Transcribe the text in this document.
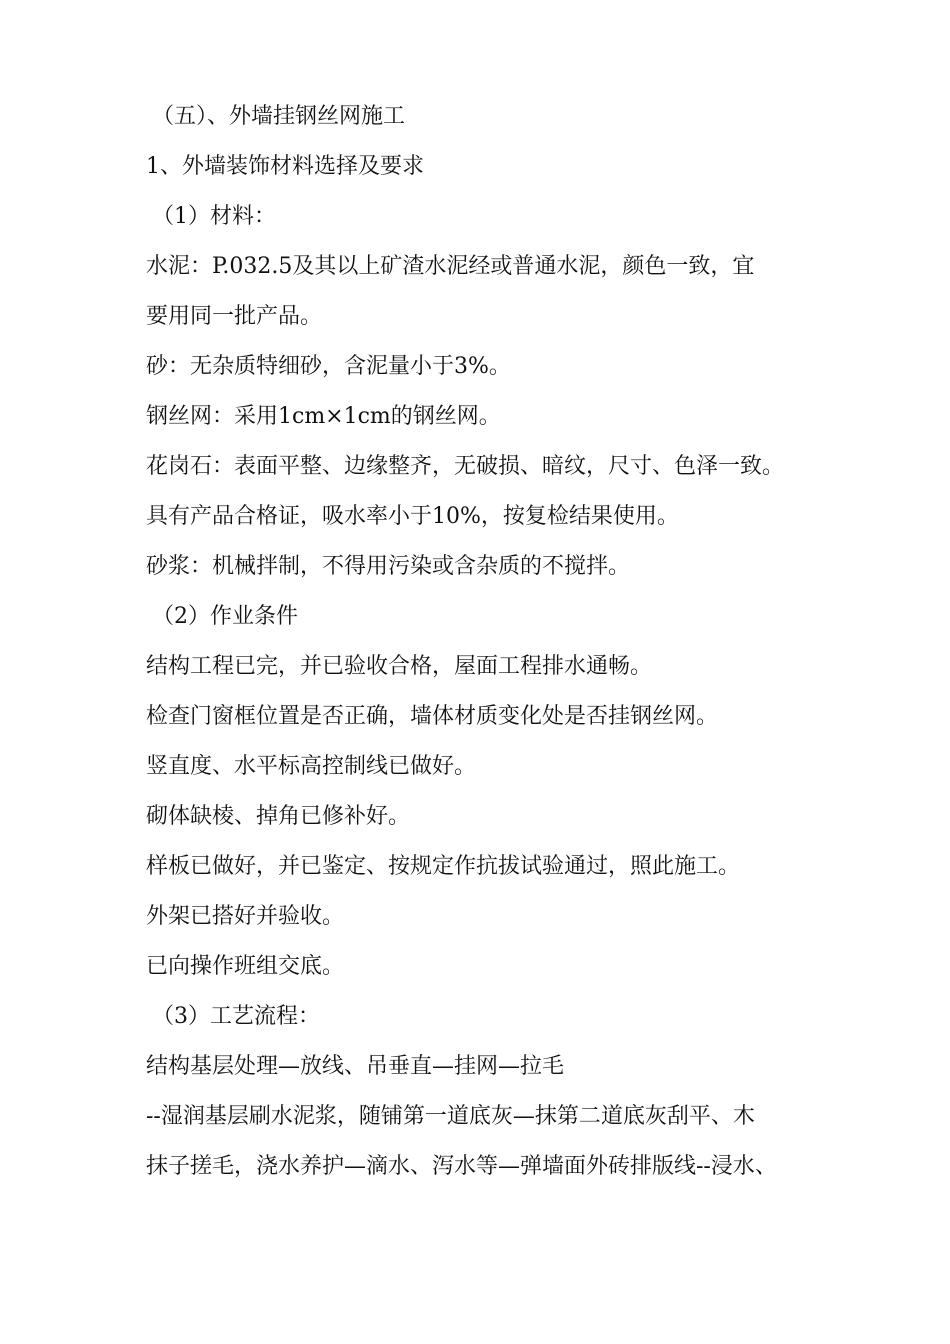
（五）、外墙挂钢丝网施工
1、外墙装饰材料选择及要求
（1）材料：
水泥：P.032.5及其以上矿渣水泥经或普通水泥，颜色一致，宜
要用同一批产品。
砂：无杂质特细砂，含泥量小于3%。
钢丝网：采用1cm×1cm的钢丝网。
花岗石：表面平整、边缘整齐，无破损、暗纹，尺寸、色泽一致。
具有产品合格证，吸水率小于10%，按复检结果使用。
砂浆：机械拌制，不得用污染或含杂质的不搅拌。
（2）作业条件
结构工程已完，并已验收合格，屋面工程排水通畅。
检查门窗框位置是否正确，墙体材质变化处是否挂钢丝网。
竖直度、水平标高控制线已做好。
砌体缺棱、掉角已修补好。
样板已做好，并已鉴定、按规定作抗拔试验通过，照此施工。
外架已搭好并验收。
已向操作班组交底。
（3）工艺流程：
结构基层处理—放线、吊垂直—挂网—拉毛
--湿润基层刷水泥浆，随铺第一道底灰—抹第二道底灰刮平、木
抹子搓毛，浇水养护—滴水、泻水等—弹墙面外砖排版线--浸水、
